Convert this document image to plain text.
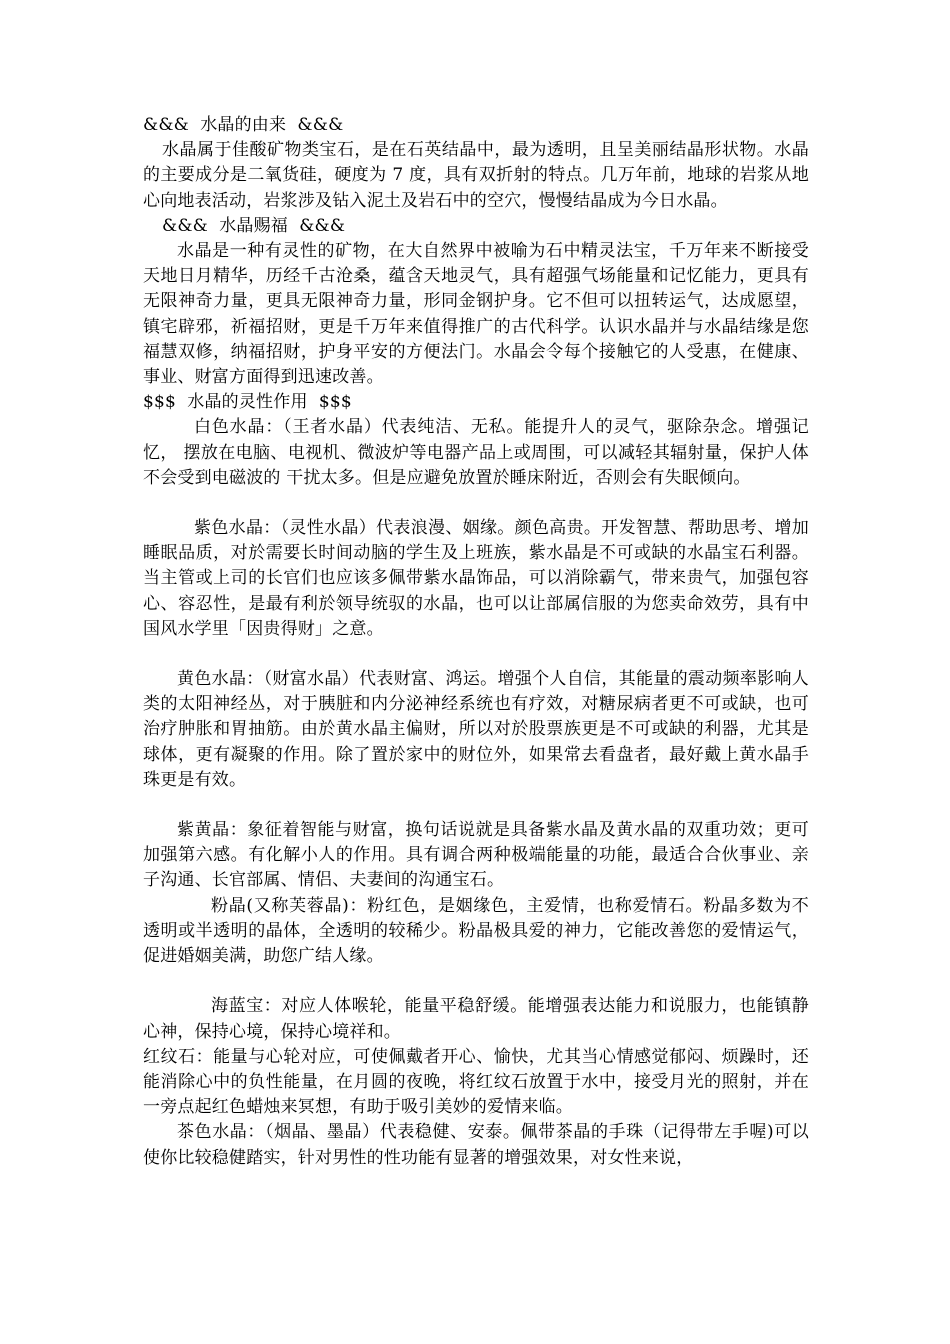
&&&  水晶的由来  &&&

水晶属于佳酸矿物类宝石，是在石英结晶中，最为透明，且呈美丽结晶形状物。水晶的主要成分是二氧货硅，硬度为 7 度，具有双折射的特点。几万年前，地球的岩浆从地心向地表活动，岩浆涉及钻入泥土及岩石中的空穴，慢慢结晶成为今日水晶。

&&&  水晶赐福  &&&

水晶是一种有灵性的矿物，在大自然界中被喻为石中精灵法宝，千万年来不断接受天地日月精华，历经千古沧桑，蕴含天地灵气，具有超强气场能量和记忆能力，更具有无限神奇力量，更具无限神奇力量，形同金钢护身。它不但可以扭转运气，达成愿望，镇宅辟邪，祈福招财，更是千万年来值得推广的古代科学。认识水晶并与水晶结缘是您福慧双修，纳福招财，护身平安的方便法门。水晶会令每个接触它的人受惠，在健康、事业、财富方面得到迅速改善。

$$$  水晶的灵性作用  $$$

白色水晶：（王者水晶）代表纯洁、无私。能提升人的灵气，驱除杂念。增强记忆， 摆放在电脑、电视机、微波炉等电器产品上或周围，可以减轻其辐射量，保护人体不会受到电磁波的 干扰太多。但是应避免放置於睡床附近，否则会有失眠倾向。

紫色水晶：（灵性水晶）代表浪漫、姻缘。颜色高贵。开发智慧、帮助思考、增加睡眠品质，对於需要长时间动脑的学生及上班族，紫水晶是不可或缺的水晶宝石利器。当主管或上司的长官们也应该多佩带紫水晶饰品，可以消除霸气，带来贵气，加强包容心、容忍性，是最有利於领导统驭的水晶，也可以让部属信服的为您卖命效劳，具有中国风水学里「因贵得财」之意。

黄色水晶：（财富水晶）代表财富、鸿运。增强个人自信，其能量的震动频率影响人类的太阳神经丛，对于胰脏和内分泌神经系统也有疗效，对糖尿病者更不可或缺，也可治疗肿胀和胃抽筋。由於黄水晶主偏财，所以对於股票族更是不可或缺的利器，尤其是球体，更有凝聚的作用。除了置於家中的财位外，如果常去看盘者，最好戴上黄水晶手珠更是有效。

紫黄晶：象征着智能与财富，换句话说就是具备紫水晶及黄水晶的双重功效；更可加强第六感。有化解小人的作用。具有调合两种极端能量的功能，最适合合伙事业、亲子沟通、长官部属、情侣、夫妻间的沟通宝石。

粉晶(又称芙蓉晶)：粉红色，是姻缘色，主爱情，也称爱情石。粉晶多数为不透明或半透明的晶体，全透明的较稀少。粉晶极具爱的神力，它能改善您的爱情运气，促进婚姻美满，助您广结人缘。

海蓝宝：对应人体喉轮，能量平稳舒缓。能增强表达能力和说服力，也能镇静心神，保持心境，保持心境祥和。

红纹石：能量与心轮对应，可使佩戴者开心、愉快，尤其当心情感觉郁闷、烦躁时，还能消除心中的负性能量，在月圆的夜晚，将红纹石放置于水中，接受月光的照射，并在一旁点起红色蜡烛来冥想，有助于吸引美妙的爱情来临。

茶色水晶：（烟晶、墨晶）代表稳健、安泰。佩带茶晶的手珠（记得带左手喔)可以使你比较稳健踏实，针对男性的性功能有显著的增强效果，对女性来说，
